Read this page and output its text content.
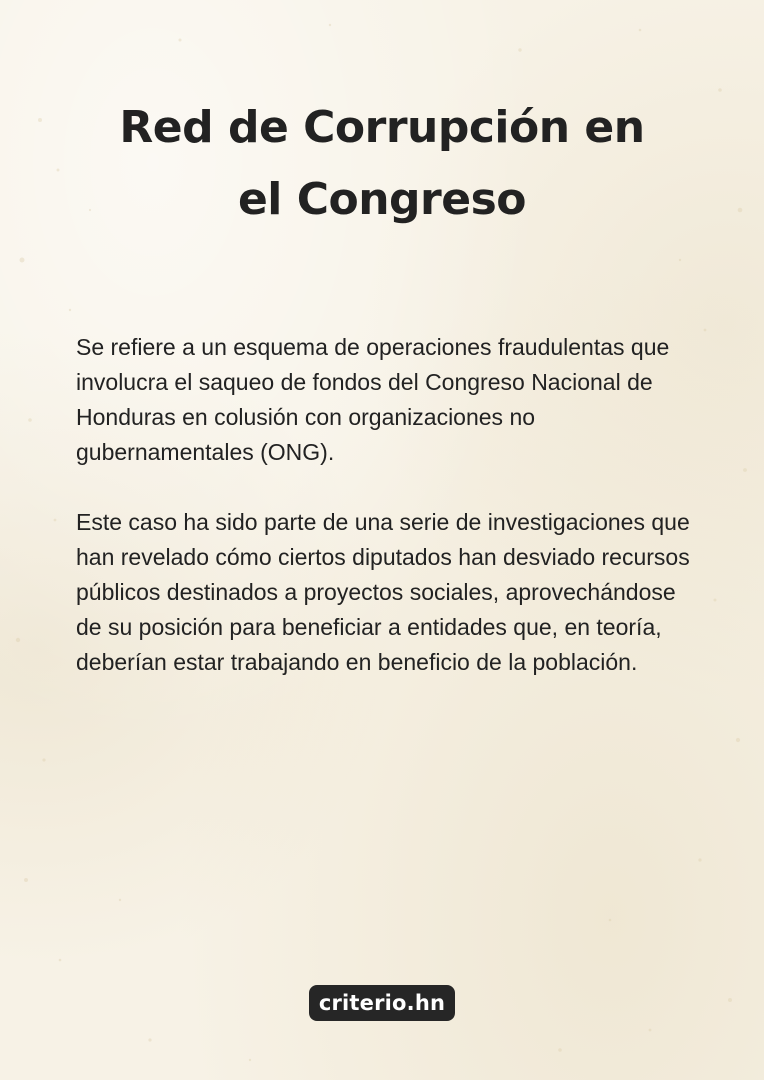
Red de Corrupción en
el Congreso

Se refiere a un esquema de operaciones fraudulentas que involucra el saqueo de fondos del Congreso Nacional de Honduras en colusión con organizaciones no gubernamentales (ONG).

Este caso ha sido parte de una serie de investigaciones que han revelado cómo ciertos diputados han desviado recursos públicos destinados a proyectos sociales, aprovechándose de su posición para beneficiar a entidades que, en teoría, deberían estar trabajando en beneficio de la población.

criterio.hn
